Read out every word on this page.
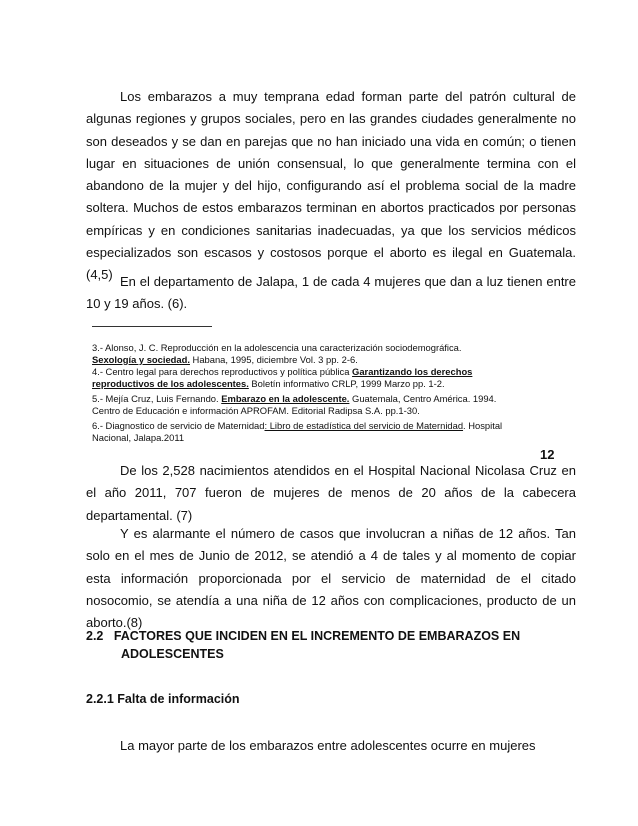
Los embarazos a muy temprana edad forman parte del patrón cultural de algunas regiones y grupos sociales, pero en las grandes ciudades generalmente no son deseados y se dan en parejas que no han iniciado una vida en común; o tienen lugar en situaciones de unión consensual, lo que generalmente termina con el abandono de la mujer y del hijo, configurando así el problema social de la madre soltera. Muchos de estos embarazos terminan en abortos practicados por personas empíricas y en condiciones sanitarias inadecuadas, ya que los servicios médicos especializados son escasos y costosos porque el aborto es ilegal en Guatemala. (4,5) En el departamento de Jalapa, 1 de cada 4 mujeres que dan a luz tienen entre 10 y 19 años. (6).

3.- Alonso, J. C. Reproducción en la adolescencia una caracterización sociodemográfica.
Sexología y sociedad. Habana, 1995, diciembre Vol. 3 pp. 2-6.

4.- Centro legal para derechos reproductivos y política pública Garantizando los derechos
reproductivos de los adolescentes. Boletín informativo CRLP, 1999 Marzo pp. 1-2.

5.- Mejía Cruz, Luis Fernando. Embarazo en la adolescente. Guatemala, Centro América. 1994.
Centro de Educación e información APROFAM. Editorial Radipsa S.A. pp.1-30.

6.- Diagnostico de servicio de Maternidad: Libro de estadística del servicio de Maternidad. Hospital
Nacional, Jalapa.2011

12

De los 2,528 nacimientos atendidos en el Hospital Nacional Nicolasa Cruz en el año 2011, 707 fueron de mujeres de menos de 20 años de la cabecera departamental. (7)

Y es alarmante el número de casos que involucran a niñas de 12 años. Tan solo en el mes de Junio de 2012, se atendió a 4 de tales y al momento de copiar esta información proporcionada por el servicio de maternidad de el citado nosocomio, se atendía a una niña de 12 años con complicaciones, producto de un aborto.(8)

2.2 FACTORES QUE INCIDEN EN EL INCREMENTO DE EMBARAZOS EN
ADOLESCENTES
2.2.1 Falta de información

La mayor parte de los embarazos entre adolescentes ocurre en mujeres
